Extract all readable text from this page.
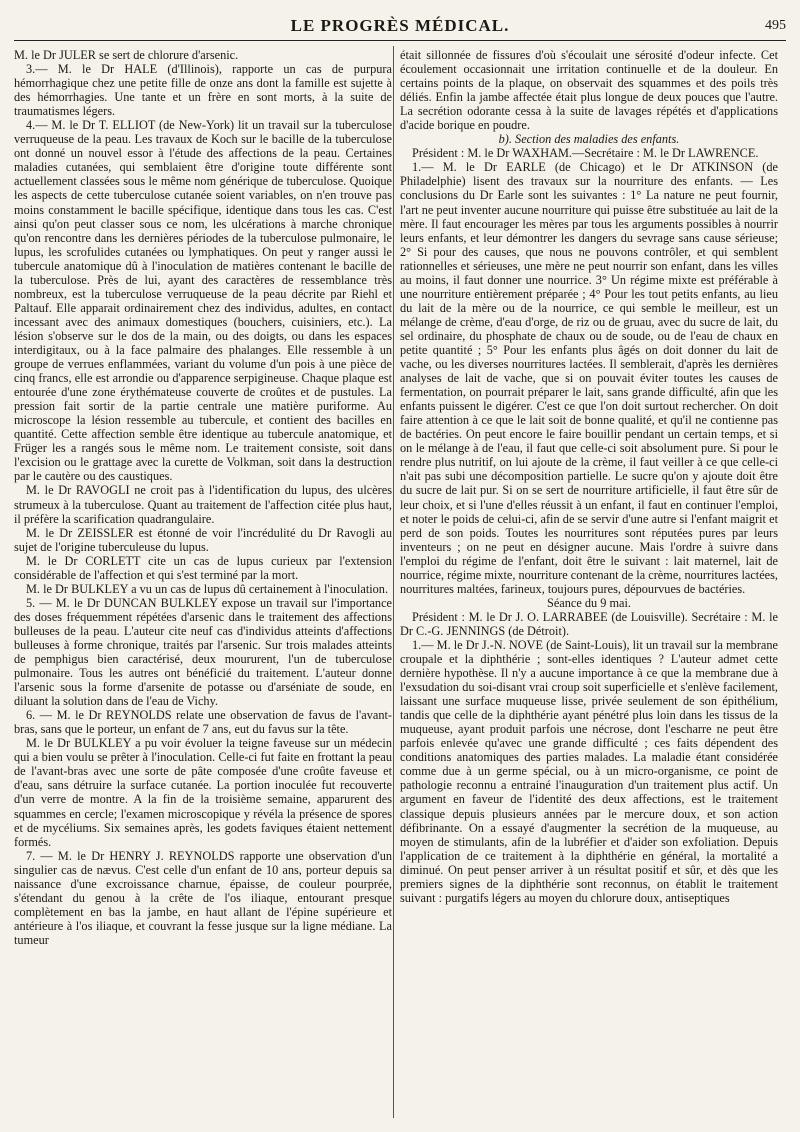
LE PROGRÈS MÉDICAL.	495

M. le Dr JULER se sert de chlorure d'arsenic.

3.— M. le Dr HALE (d'Illinois), rapporte un cas de purpura hémorrhagique chez une petite fille de onze ans dont la famille est sujette à des hémorrhagies. Une tante et un frère en sont morts, à la suite de traumatismes légers.

4.— M. le Dr T. ELLIOT (de New-York) lit un travail sur la tuberculose verruqueuse de la peau. Les travaux de Koch sur le bacille de la tuberculose ont donné un nouvel essor à l'étude des affections de la peau. Certaines maladies cutanées, qui semblaient être d'origine toute différente sont actuellement classées sous le même nom générique de tuberculose. Quoique les aspects de cette tuberculose cutanée soient variables, on n'en trouve pas moins constamment le bacille spécifique, identique dans tous les cas. C'est ainsi qu'on peut classer sous ce nom, les ulcérations à marche chronique qu'on rencontre dans les dernières périodes de la tuberculose pulmonaire, le lupus, les scrofulides cutanées ou lymphatiques. On peut y ranger aussi le tubercule anatomique dû à l'inoculation de matières contenant le bacille de la tuberculose. Près de lui, ayant des caractères de ressemblance très nombreux, est la tuberculose verruqueuse de la peau décrite par Riehl et Paltauf. Elle apparait ordinairement chez des individus, adultes, en contact incessant avec des animaux domestiques (bouchers, cuisiniers, etc.). La lésion s'observe sur le dos de la main, ou des doigts, ou dans les espaces interdigitaux, ou à la face palmaire des phalanges. Elle ressemble à un groupe de verrues enflammées, variant du volume d'un pois à une pièce de cinq francs, elle est arrondie ou d'apparence serpigineuse. Chaque plaque est entourée d'une zone érythémateuse couverte de croûtes et de pustules. La pression fait sortir de la partie centrale une matière puriforme. Au microscope la lésion ressemble au tubercule, et contient des bacilles en quantité. Cette affection semble être identique au tubercule anatomique, et Früger les a rangés sous le même nom. Le traitement consiste, soit dans l'excision ou le grattage avec la curette de Volkman, soit dans la destruction par le cautère ou des caustiques.

M. le Dr RAVOGLI ne croit pas à l'identification du lupus, des ulcères strumeux à la tuberculose. Quant au traitement de l'affection citée plus haut, il préfère la scarification quadrangulaire.

M. le Dr ZEISSLER est étonné de voir l'incrédulité du Dr Ravogli au sujet de l'origine tuberculeuse du lupus.

M. le Dr CORLETT cite un cas de lupus curieux par l'extension considérable de l'affection et qui s'est terminé par la mort.

M. le Dr BULKLEY a vu un cas de lupus dû certainement à l'inoculation.

5. — M. le Dr DUNCAN BULKLEY expose un travail sur l'importance des doses fréquemment répétées d'arsenic dans le traitement des affections bulleuses de la peau. L'auteur cite neuf cas d'individus atteints d'affections bulleuses à forme chronique, traités par l'arsenic. Sur trois malades atteints de pemphigus bien caractérisé, deux moururent, l'un de tuberculose pulmonaire. Tous les autres ont bénéficié du traitement. L'auteur donne l'arsenic sous la forme d'arsenite de potasse ou d'arséniate de soude, en diluant la solution dans de l'eau de Vichy.

6. — M. le Dr REYNOLDS relate une observation de favus de l'avant-bras, sans que le porteur, un enfant de 7 ans, eut du favus sur la tête.

M. le Dr BULKLEY a pu voir évoluer la teigne faveuse sur un médecin qui a bien voulu se prêter à l'inoculation. Celle-ci fut faite en frottant la peau de l'avant-bras avec une sorte de pâte composée d'une croûte faveuse et d'eau, sans détruire la surface cutanée. La portion inoculée fut recouverte d'un verre de montre. A la fin de la troisième semaine, apparurent des squammes en cercle; l'examen microscopique y révéla la présence de spores et de mycéliums. Six semaines après, les godets faviques étaient nettement formés.

7. — M. le Dr HENRY J. REYNOLDS rapporte une observation d'un singulier cas de nævus. C'est celle d'un enfant de 10 ans, porteur depuis sa naissance d'une excroissance charnue, épaisse, de couleur pourprée, s'étendant du genou à la crête de l'os iliaque, entourant presque complètement en bas la jambe, en haut allant de l'épine supérieure et antérieure à l'os iliaque, et couvrant la fesse jusque sur la ligne médiane. La tumeur

était sillonnée de fissures d'où s'écoulait une sérosité d'odeur infecte. Cet écoulement occasionnait une irritation continuelle et de la douleur. En certains points de la plaque, on observait des squammes et des poils très déliés. Enfin la jambe affectée était plus longue de deux pouces que l'autre. La secrétion odorante cessa à la suite de lavages répétés et d'applications d'acide borique en poudre.

b). Section des maladies des enfants.

Président : M. le Dr WAXHAM.—Secrétaire : M. le Dr LAWRENCE.

1.— M. le Dr EARLE (de Chicago) et le Dr ATKINSON (de Philadelphie) lisent des travaux sur la nourriture des enfants. — Les conclusions du Dr Earle sont les suivantes : 1° La nature ne peut fournir, l'art ne peut inventer aucune nourriture qui puisse être substituée au lait de la mère. Il faut encourager les mères par tous les arguments possibles à nourrir leurs enfants, et leur démontrer les dangers du sevrage sans cause sérieuse; 2° Si pour des causes, que nous ne pouvons contrôler, et qui semblent rationnelles et sérieuses, une mère ne peut nourrir son enfant, dans les villes au moins, il faut donner une nourrice. 3° Un régime mixte est préférable à une nourriture entièrement préparée ; 4° Pour les tout petits enfants, au lieu du lait de la mère ou de la nourrice, ce qui semble le meilleur, est un mélange de crème, d'eau d'orge, de riz ou de gruau, avec du sucre de lait, du sel ordinaire, du phosphate de chaux ou de soude, ou de l'eau de chaux en petite quantité ; 5° Pour les enfants plus âgés on doit donner du lait de vache, ou les diverses nourritures lactées. Il semblerait, d'après les dernières analyses de lait de vache, que si on pouvait éviter toutes les causes de fermentation, on pourrait préparer le lait, sans grande difficulté, afin que les enfants puissent le digérer. C'est ce que l'on doit surtout rechercher. On doit faire attention à ce que le lait soit de bonne qualité, et qu'il ne contienne pas de bactéries. On peut encore le faire bouillir pendant un certain temps, et si on le mélange à de l'eau, il faut que celle-ci soit absolument pure. Si pour le rendre plus nutritif, on lui ajoute de la crème, il faut veiller à ce que celle-ci n'ait pas subi une décomposition partielle. Le sucre qu'on y ajoute doit être du sucre de lait pur. Si on se sert de nourriture artificielle, il faut être sûr de leur choix, et si l'une d'elles réussit à un enfant, il faut en continuer l'emploi, et noter le poids de celui-ci, afin de se servir d'une autre si l'enfant maigrit et perd de son poids. Toutes les nourritures sont réputées pures par leurs inventeurs ; on ne peut en désigner aucune. Mais l'ordre à suivre dans l'emploi du régime de l'enfant, doit être le suivant : lait maternel, lait de nourrice, régime mixte, nourriture contenant de la crème, nourritures lactées, nourritures maltées, farineux, toujours pures, dépourvues de bactéries.

Séance du 9 mai.

Président : M. le Dr J. O. LARRABEE (de Louisville). Secrétaire : M. le Dr C.-G. JENNINGS (de Détroit).

1.— M. le Dr J.-N. NOVE (de Saint-Louis), lit un travail sur la membrane croupale et la diphthérie ; sont-elles identiques ? L'auteur admet cette dernière hypothèse. Il n'y a aucune importance à ce que la membrane due à l'exsudation du soi-disant vrai croup soit superficielle et s'enlève facilement, laissant une surface muqueuse lisse, privée seulement de son épithélium, tandis que celle de la diphthérie ayant pénétré plus loin dans les tissus de la muqueuse, ayant produit parfois une nécrose, dont l'escharre ne peut être parfois enlevée qu'avec une grande difficulté ; ces faits dépendent des conditions anatomiques des parties malades. La maladie étant considérée comme due à un germe spécial, ou à un micro-organisme, ce point de pathologie reconnu a entrainé l'inauguration d'un traitement plus actif. Un argument en faveur de l'identité des deux affections, est le traitement classique depuis plusieurs années par le mercure doux, et son action défibrinante. On a essayé d'augmenter la secrétion de la muqueuse, au moyen de stimulants, afin de la lubréfier et d'aider son exfoliation. Depuis l'application de ce traitement à la diphthérie en général, la mortalité a diminué. On peut penser arriver à un résultat positif et sûr, et dès que les premiers signes de la diphthérie sont reconnus, on établit le traitement suivant : purgatifs légers au moyen du chlorure doux, antiseptiques
